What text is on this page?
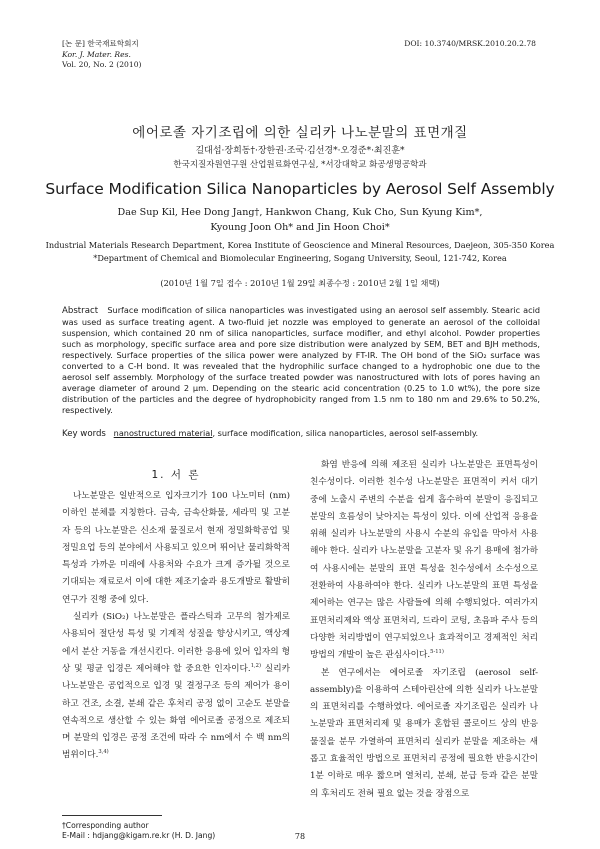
[논 문] 한국재료학회지
Kor. J. Mater. Res.
Vol. 20, No. 2 (2010)
DOI: 10.3740/MRSK.2010.20.2.78
에어로졸 자기조립에 의한 실리카 나노분말의 표면개질
길대섭·장희동†·장한권·조국·김선경*·오경준*·최진훈*
한국지질자원연구원 산업원료화연구실, *서강대학교 화공생명공학과
Surface Modification Silica Nanoparticles by Aerosol Self Assembly
Dae Sup Kil, Hee Dong Jang†, Hankwon Chang, Kuk Cho, Sun Kyung Kim*,
Kyoung Joon Oh* and Jin Hoon Choi*
Industrial Materials Research Department, Korea Institute of Geoscience and Mineral Resources, Daejeon, 305-350 Korea
*Department of Chemical and Biomolecular Engineering, Sogang University, Seoul, 121-742, Korea
(2010년 1월 7일 접수 : 2010년 1월 29일 최종수정 : 2010년 2월 1일 채택)
Abstract Surface modification of silica nanoparticles was investigated using an aerosol self assembly. Stearic acid was used as surface treating agent. A two-fluid jet nozzle was employed to generate an aerosol of the colloidal suspension, which contained 20 nm of silica nanoparticles, surface modifier, and ethyl alcohol. Powder properties such as morphology, specific surface area and pore size distribution were analyzed by SEM, BET and BJH methods, respectively. Surface properties of the silica power were analyzed by FT-IR. The OH bond of the SiO₂ surface was converted to a C-H bond. It was revealed that the hydrophilic surface changed to a hydrophobic one due to the aerosol self assembly. Morphology of the surface treated powder was nanostructured with lots of pores having an average diameter of around 2 μm. Depending on the stearic acid concentration (0.25 to 1.0 wt%), the pore size distribution of the particles and the degree of hydrophobicity ranged from 1.5 nm to 180 nm and 29.6% to 50.2%, respectively.
Key words nanostructured material, surface modification, silica nanoparticles, aerosol self-assembly.
1. 서 론

나노분말은 일반적으로 입자크기가 100 나노미터 (nm) 이하인 분체를 지칭한다. 금속, 금속산화물, 세라믹 및 고분자 등의 나노분말은 신소재 물질로서 현재 정밀화학공업 및 정밀요업 등의 분야에서 사용되고 있으며 뛰어난 물리화학적 특성과 가까운 미래에 사용처와 수요가 크게 증가될 것으로 기대되는 재료로서 이에 대한 제조기술과 용도개발로 활발히 연구가 진행 중에 있다.

실리카 (SiO₂) 나노분말은 플라스틱과 고무의 첨가제로 사용되어 절단성 특성 및 기계적 성질을 향상시키고, 액상계에서 분산 거동을 개선시킨다. 이러한 응용에 있어 입자의 형상 및 평균 입경은 제어해야 할 중요한 인자이다.$^{1,2)}$ 실리카 나노분말은 공업적으로 입경 및 결정구조 등의 제어가 용이하고 건조, 소결, 분쇄 같은 후처리 공정 없이 고순도 분말을 연속적으로 생산할 수 있는 화염 에어로졸 공정으로 제조되며 분말의 입경은 공정 조건에 따라 수 nm에서 수 백 nm의 범위이다.$^{3,4)}$

화염 반응에 의해 제조된 실리카 나노분말은 표면특성이 친수성이다. 이러한 친수성 나노분말은 표면적이 커서 대기 중에 노출시 주변의 수분을 쉽게 흡수하여 분말이 응집되고 분말의 흐름성이 낮아지는 특성이 있다. 이에 산업적 응용을 위해 실리카 나노분말의 사용시 수분의 유입을 막아서 사용해야 한다. 실리카 나노분말을 고분자 및 유기 용매에 첨가하여 사용시에는 분말의 표면 특성을 친수성에서 소수성으로 전환하여 사용하여야 한다. 실리카 나노분말의 표면 특성을 제어하는 연구는 많은 사람들에 의해 수행되었다. 여러가지 표면처리제와 액상 표면처리, 드라이 코팅, 초음파 주사 등의 다양한 처리방법이 연구되었으나 효과적이고 경제적인 처리방법의 개발이 높은 관심사이다.$^{5-11)}$

본 연구에서는 에어로졸 자기조립 (aerosol self-assembly)을 이용하여 스테아린산에 의한 실리카 나노분말의 표면처리를 수행하였다. 에어로졸 자기조립은 실리카 나노분말과 표면처리제 및 용매가 혼합된 콜로이드 상의 반응물질을 분무 가열하여 표면처리 실리카 분말을 제조하는 새롭고 효율적인 방법으로 표면처리 공정에 필요한 반응시간이 1분 이하로 매우 짧으며 열처리, 분쇄, 분급 등과 같은 분말의 후처리도 전혀 필요 없는 것을 장점으로

†Corresponding author
E-Mail : hdjang@kigam.re.kr (H. D. Jang)	78
